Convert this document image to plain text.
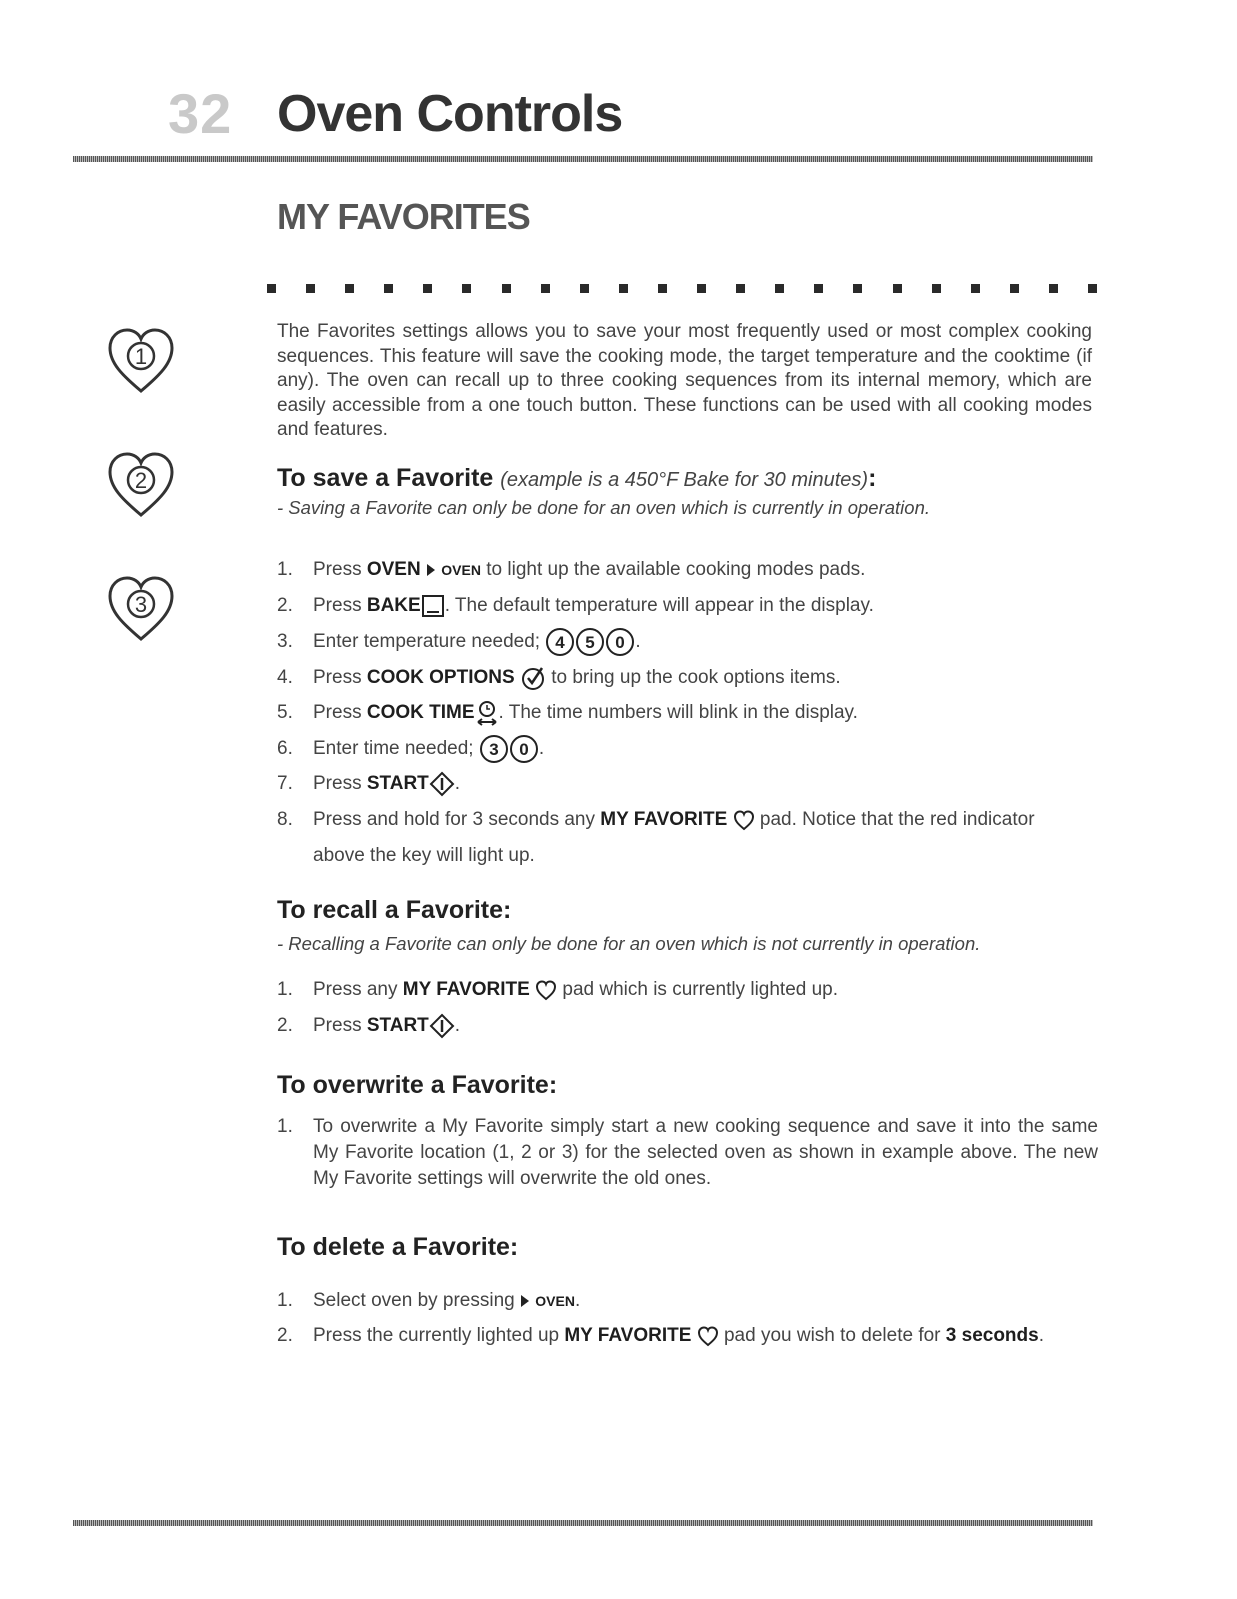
32 Oven Controls
MY FAVORITES
1
2
3
The Favorites settings allows you to save your most frequently used or most complex cooking sequences. This feature will save the cooking mode, the target temperature and the cooktime (if any). The oven can recall up to three cooking sequences from its internal memory, which are easily accessible from a one touch button. These functions can be used with all cooking modes and features.
To save a Favorite (example is a 450°F Bake for 30 minutes):
- Saving a Favorite can only be done for an oven which is currently in operation.
1. Press OVEN OVEN to light up the available cooking modes pads.
2. Press BAKE . The default temperature will appear in the display.
3. Enter temperature needed; 4 5 0 .
4. Press COOK OPTIONS to bring up the cook options items.
5. Press COOK TIME . The time numbers will blink in the display.
6. Enter time needed; 3 0 .
7. Press START .
8. Press and hold for 3 seconds any MY FAVORITE pad. Notice that the red indicator
above the key will light up.
To recall a Favorite:
- Recalling a Favorite can only be done for an oven which is not currently in operation.
1. Press any MY FAVORITE pad which is currently lighted up.
2. Press START .
To overwrite a Favorite:
1.	To overwrite a My Favorite simply start a new cooking sequence and save it into the same My Favorite location (1, 2 or 3) for the selected oven as shown in example above. The new My Favorite settings will overwrite the old ones.
To delete a Favorite:
1. Select oven by pressing OVEN.
2. Press the currently lighted up MY FAVORITE pad you wish to delete for 3 seconds.
